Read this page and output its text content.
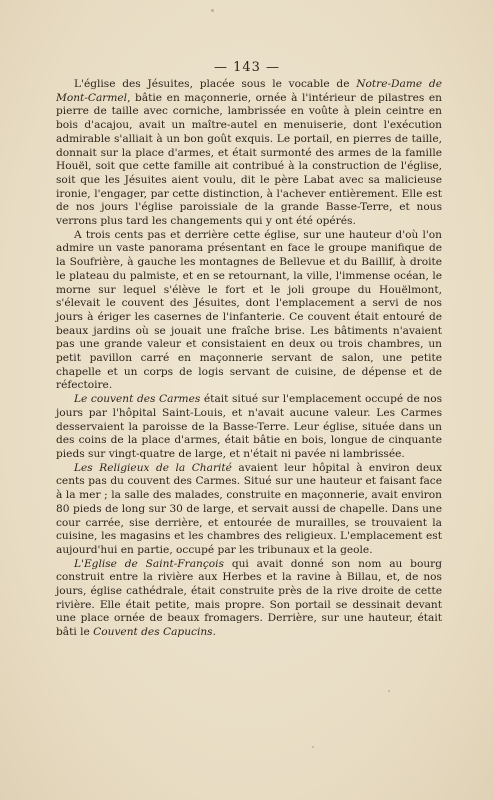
— 143 —

L'église des Jésuites, placée sous le vocable de Notre-Dame de Mont-Carmel, bâtie en maçonnerie, ornée à l'intérieur de pilastres en pierre de taille avec corniche, lambrissée en voûte à plein ceintre en bois d'acajou, avait un maître-autel en menuiserie, dont l'exécution admirable s'alliait à un bon goût exquis. Le portail, en pierres de taille, donnait sur la place d'armes, et était surmonté des armes de la famille Houël, soit que cette famille ait contribué à la construction de l'église, soit que les Jésuites aient voulu, dit le père Labat avec sa malicieuse ironie, l'engager, par cette distinction, à l'achever entièrement. Elle est de nos jours l'église paroissiale de la grande Basse-Terre, et nous verrons plus tard les changements qui y ont été opérés.

A trois cents pas et derrière cette église, sur une hauteur d'où l'on admire un vaste panorama présentant en face le groupe manifique de la Soufrière, à gauche les montagnes de Bellevue et du Baillif, à droite le plateau du palmiste, et en se retournant, la ville, l'immense océan, le morne sur lequel s'élève le fort et le joli groupe du Houëlmont, s'élevait le couvent des Jésuites, dont l'emplacement a servi de nos jours à ériger les casernes de l'infanterie. Ce couvent était entouré de beaux jardins où se jouait une fraîche brise. Les bâtiments n'avaient pas une grande valeur et consistaient en deux ou trois chambres, un petit pavillon carré en maçonnerie servant de salon, une petite chapelle et un corps de logis servant de cuisine, de dépense et de réfectoire.

Le couvent des Carmes était situé sur l'emplacement occupé de nos jours par l'hôpital Saint-Louis, et n'avait aucune valeur. Les Carmes desservaient la paroisse de la Basse-Terre. Leur église, située dans un des coins de la place d'armes, était bâtie en bois, longue de cinquante pieds sur vingt-quatre de large, et n'était ni pavée ni lambrissée.

Les Religieux de la Charité avaient leur hôpital à environ deux cents pas du couvent des Carmes. Situé sur une hauteur et faisant face à la mer ; la salle des malades, construite en maçonnerie, avait environ 80 pieds de long sur 30 de large, et servait aussi de chapelle. Dans une cour carrée, sise derrière, et entourée de murailles, se trouvaient la cuisine, les magasins et les chambres des religieux. L'emplacement est aujourd'hui en partie, occupé par les tribunaux et la geole.

L'Eglise de Saint-François qui avait donné son nom au bourg construit entre la rivière aux Herbes et la ravine à Billau, et, de nos jours, église cathédrale, était construite près de la rive droite de cette rivière. Elle était petite, mais propre. Son portail se dessinait devant une place ornée de beaux fromagers. Derrière, sur une hauteur, était bâti le Couvent des Capucins.
